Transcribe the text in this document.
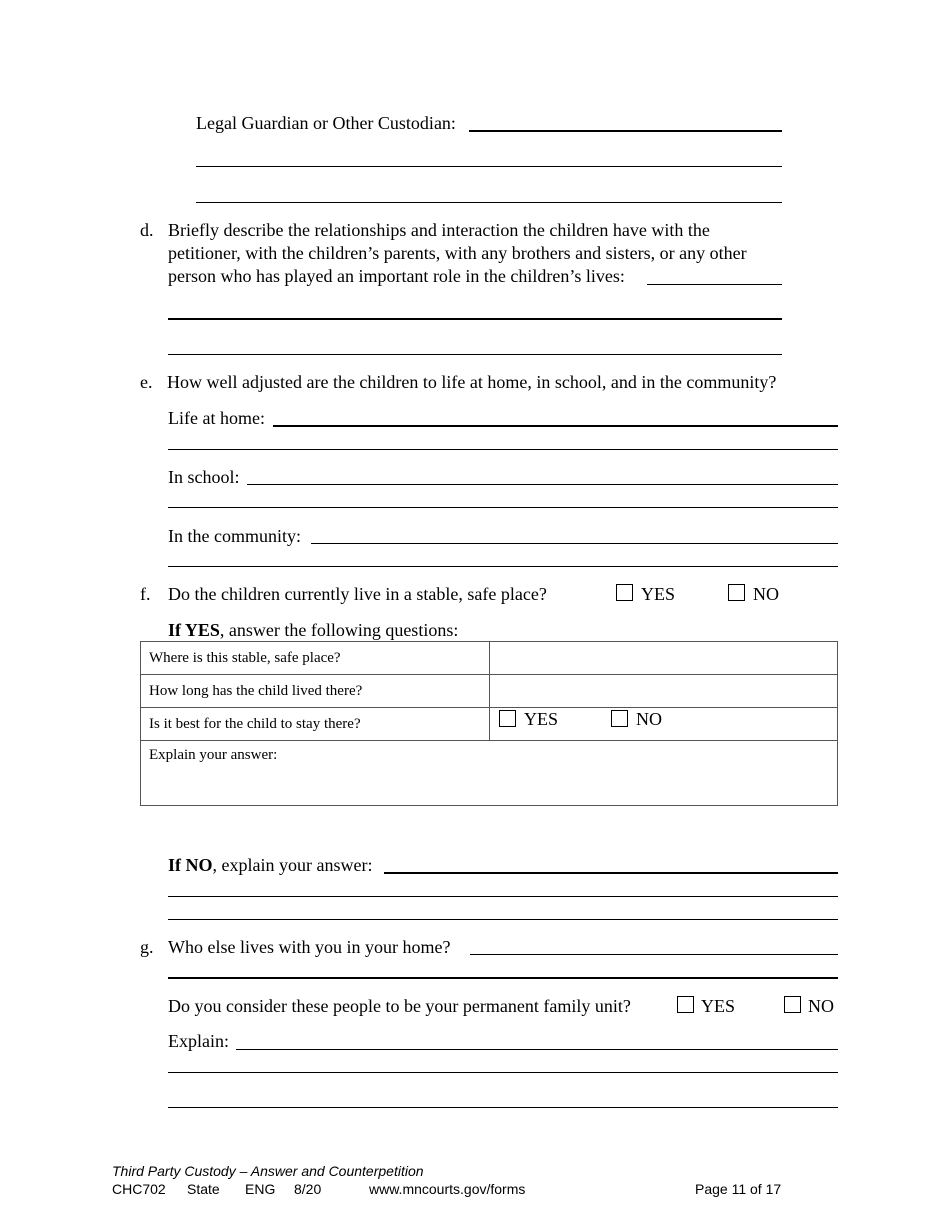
Legal Guardian or Other Custodian:
d. Briefly describe the relationships and interaction the children have with the
petitioner, with the children’s parents, with any brothers and sisters, or any other
person who has played an important role in the children’s lives:
e. How well adjusted are the children to life at home, in school, and in the community?
Life at home:
In school:
In the community:
f. Do the children currently live in a stable, safe place?	YES	NO
If YES, answer the following questions:
Where is this stable, safe place?	
How long has the child lived there?	
Is it best for the child to stay there?	YES NO

Explain your answer:	
If NO, explain your answer:
g. Who else lives with you in your home?
Do you consider these people to be your permanent family unit?	YES	NO
Explain:
Third Party Custody – Answer and Counterpetition
CHC702 State ENG 8/20	www.mncourts.gov/forms	Page 11 of 17
